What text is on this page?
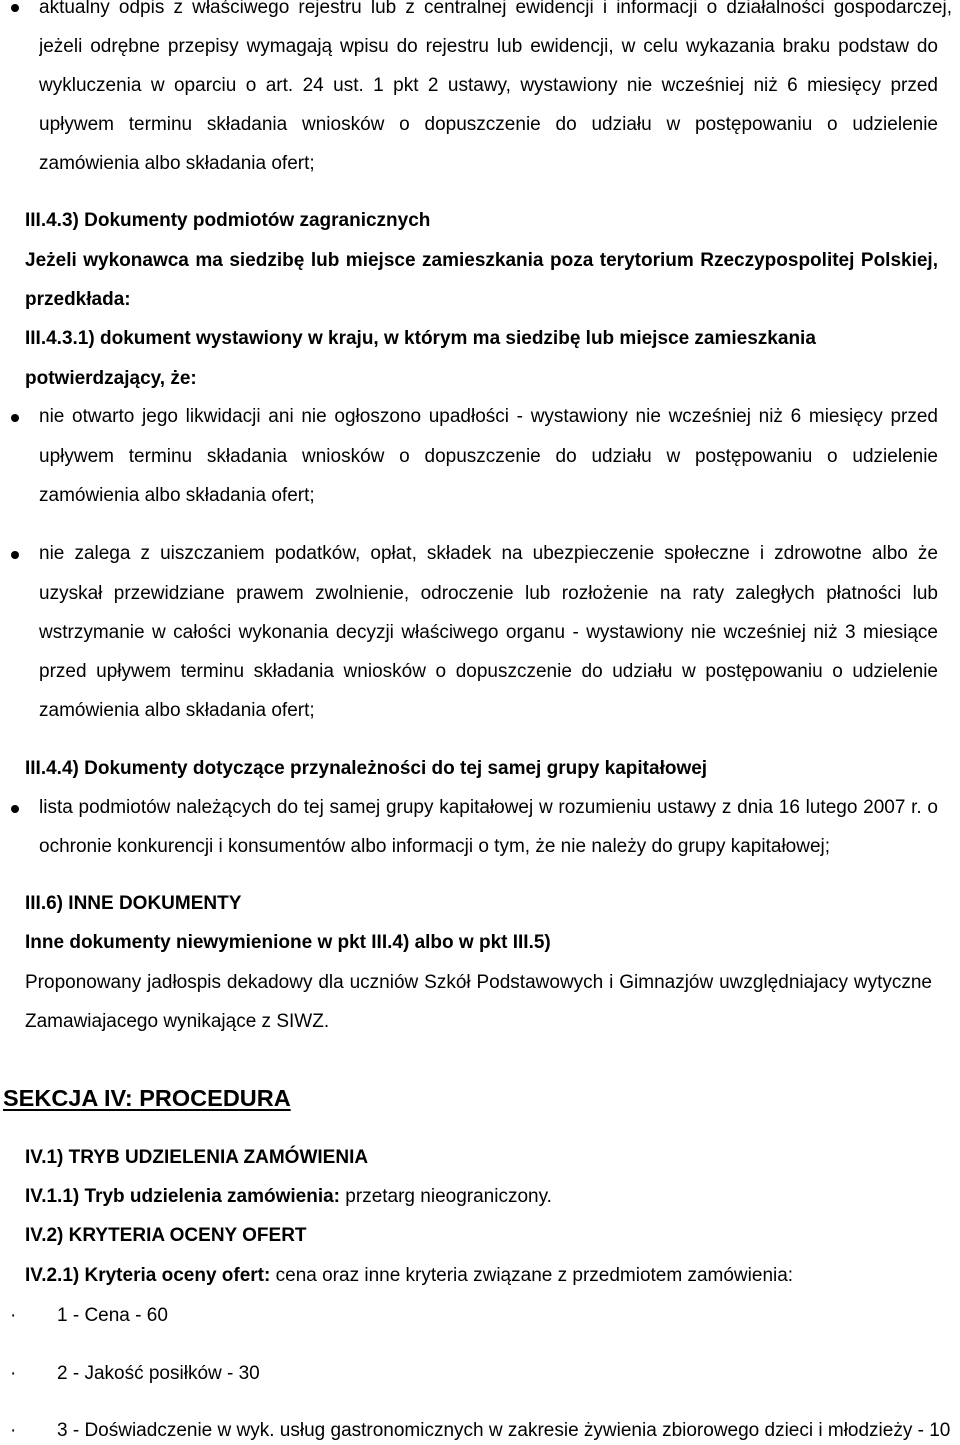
aktualny odpis z właściwego rejestru lub z centralnej ewidencji i informacji o działalności gospodarczej,
jeżeli odrębne przepisy wymagają wpisu do rejestru lub ewidencji, w celu wykazania braku podstaw do
wykluczenia w oparciu o art. 24 ust. 1 pkt 2 ustawy, wystawiony nie wcześniej niż 6 miesięcy przed
upływem terminu składania wniosków o dopuszczenie do udziału w postępowaniu o udzielenie
zamówienia albo składania ofert;
III.4.3) Dokumenty podmiotów zagranicznych
Jeżeli wykonawca ma siedzibę lub miejsce zamieszkania poza terytorium Rzeczypospolitej Polskiej,
przedkłada:
III.4.3.1) dokument wystawiony w kraju, w którym ma siedzibę lub miejsce zamieszkania
potwierdzający, że:
nie otwarto jego likwidacji ani nie ogłoszono upadłości - wystawiony nie wcześniej niż 6 miesięcy przed
upływem terminu składania wniosków o dopuszczenie do udziału w postępowaniu o udzielenie
zamówienia albo składania ofert;
nie zalega z uiszczaniem podatków, opłat, składek na ubezpieczenie społeczne i zdrowotne albo że
uzyskał przewidziane prawem zwolnienie, odroczenie lub rozłożenie na raty zaległych płatności lub
wstrzymanie w całości wykonania decyzji właściwego organu - wystawiony nie wcześniej niż 3 miesiące
przed upływem terminu składania wniosków o dopuszczenie do udziału w postępowaniu o udzielenie
zamówienia albo składania ofert;
III.4.4) Dokumenty dotyczące przynależności do tej samej grupy kapitałowej
lista podmiotów należących do tej samej grupy kapitałowej w rozumieniu ustawy z dnia 16 lutego 2007 r. o
ochronie konkurencji i konsumentów albo informacji o tym, że nie należy do grupy kapitałowej;
III.6) INNE DOKUMENTY
Inne dokumenty niewymienione w pkt III.4) albo w pkt III.5)
Proponowany jadłospis dekadowy dla uczniów Szkół Podstawowych i Gimnazjów uwzględniajacy wytyczne
Zamawiajacego wynikające z SIWZ.
SEKCJA IV: PROCEDURA
IV.1) TRYB UDZIELENIA ZAMÓWIENIA
IV.1.1) Tryb udzielenia zamówienia: przetarg nieograniczony.
IV.2) KRYTERIA OCENY OFERT
IV.2.1) Kryteria oceny ofert: cena oraz inne kryteria związane z przedmiotem zamówienia:
· 1 - Cena - 60
· 2 - Jakość posiłków - 30
· 3 - Doświadczenie w wyk. usług gastronomicznych w zakresie żywienia zbiorowego dzieci i młodzieży - 10
